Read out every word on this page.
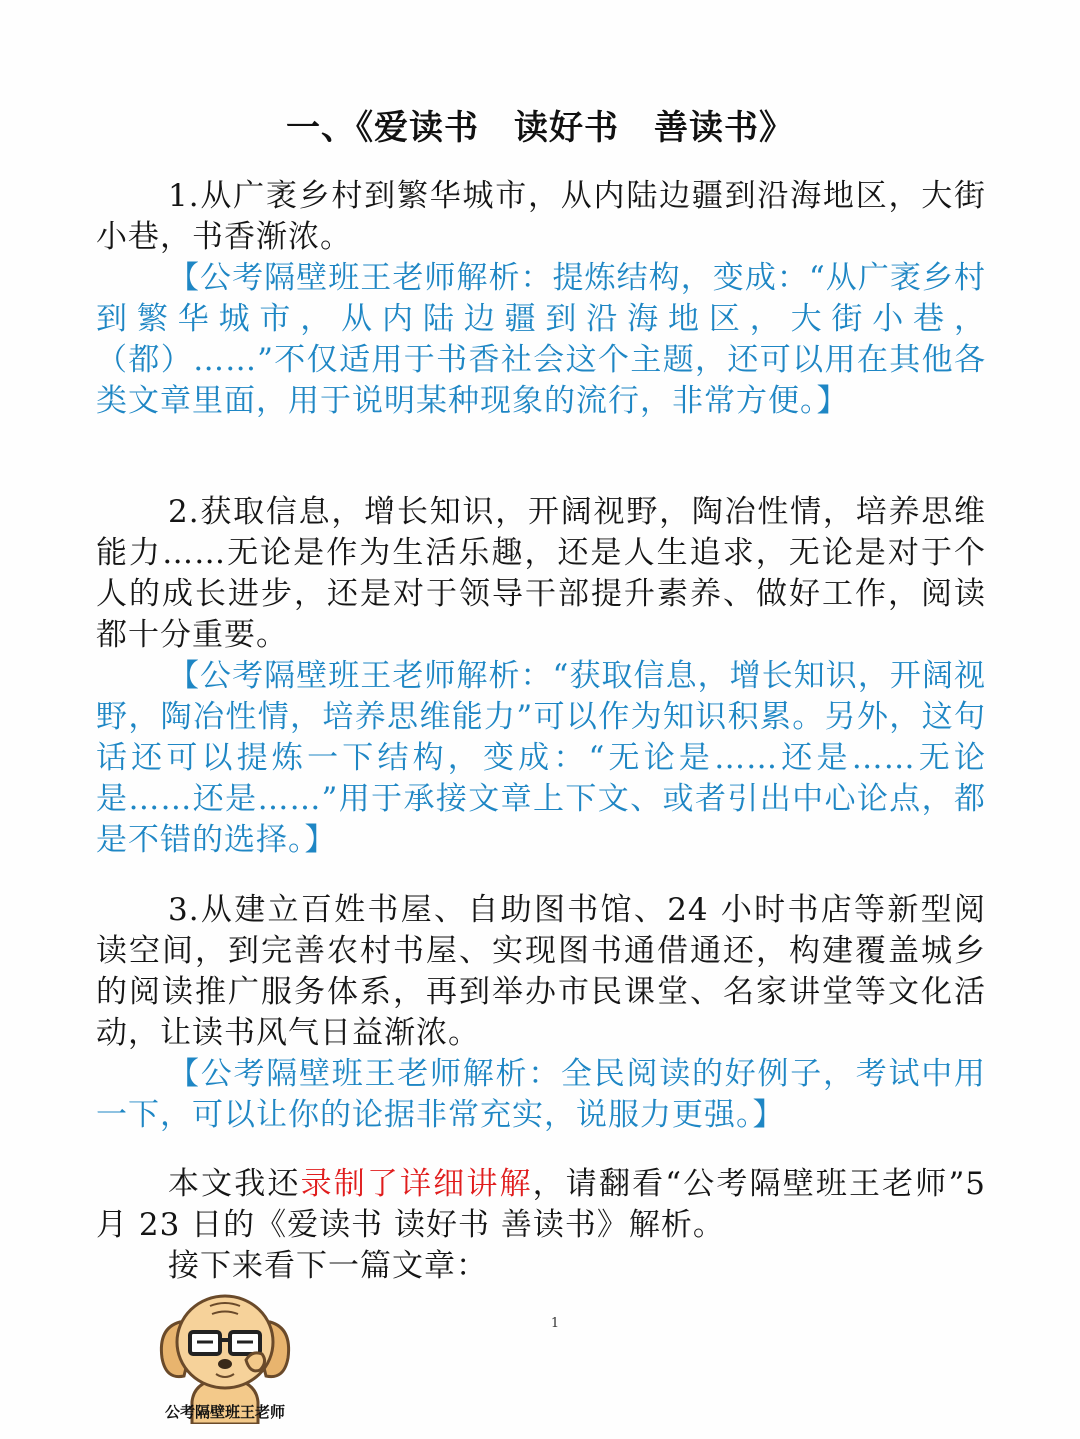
一、《爱读书　读好书　善读书》
1.从广袤乡村到繁华城市，从内陆边疆到沿海地区，大街小巷，书香渐浓。
【公考隔壁班王老师解析：提炼结构，变成：“从广袤乡村到繁华城市，从内陆边疆到沿海地区，大街小巷，（都）……”不仅适用于书香社会这个主题，还可以用在其他各类文章里面，用于说明某种现象的流行，非常方便。】
2.获取信息，增长知识，开阔视野，陶冶性情，培养思维能力……无论是作为生活乐趣，还是人生追求，无论是对于个人的成长进步，还是对于领导干部提升素养、做好工作，阅读都十分重要。
【公考隔壁班王老师解析：“获取信息，增长知识，开阔视野，陶冶性情，培养思维能力”可以作为知识积累。另外，这句话还可以提炼一下结构，变成：“无论是……还是……无论是……还是……”用于承接文章上下文、或者引出中心论点，都是不错的选择。】
3.从建立百姓书屋、自助图书馆、24 小时书店等新型阅读空间，到完善农村书屋、实现图书通借通还，构建覆盖城乡的阅读推广服务体系，再到举办市民课堂、名家讲堂等文化活动，让读书风气日益渐浓。
【公考隔壁班王老师解析：全民阅读的好例子，考试中用一下，可以让你的论据非常充实，说服力更强。】
本文我还录制了详细讲解，请翻看“公考隔壁班王老师”5 月 23 日的《爱读书 读好书 善读书》解析。
接下来看下一篇文章：
1
公考隔壁班王老师
